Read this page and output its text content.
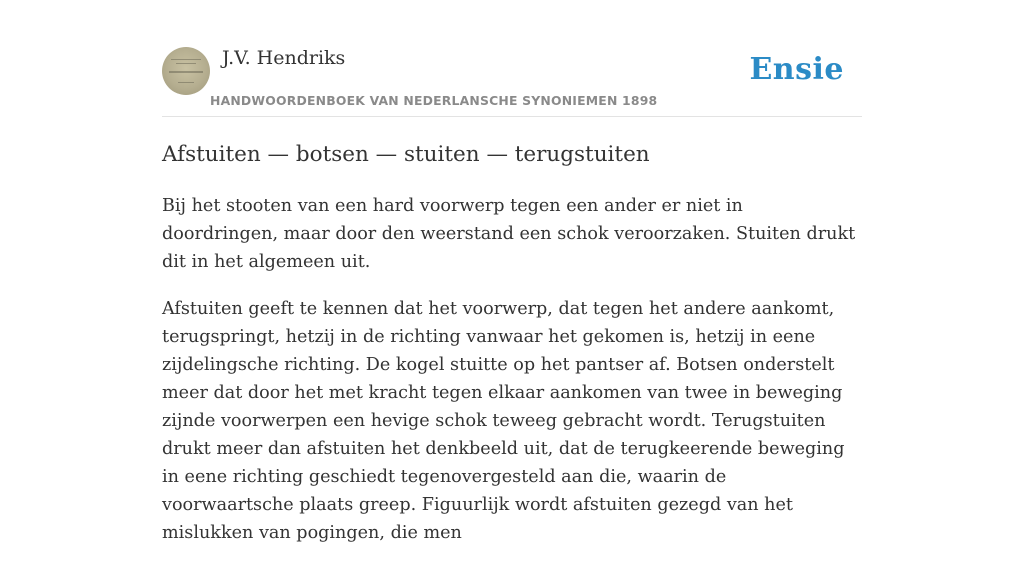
J.V. Hendriks
HANDWOORDENBOEK VAN NEDERLANSCHE SYNONIEMEN 1898
Ensie
Afstuiten — botsen — stuiten — terugstuiten

Bij het stooten van een hard voorwerp tegen een ander er niet in doordringen, maar door den weerstand een schok veroorzaken. Stuiten drukt dit in het algemeen uit.

Afstuiten geeft te kennen dat het voorwerp, dat tegen het andere aankomt, terugspringt, hetzij in de richting vanwaar het gekomen is, hetzij in eene zijdelingsche richting. De kogel stuitte op het pantser af. Botsen onderstelt meer dat door het met kracht tegen elkaar aankomen van twee in beweging zijnde voorwerpen een hevige schok teweeg gebracht wordt. Terugstuiten drukt meer dan afstuiten het denkbeeld uit, dat de terugkeerende beweging in eene richting geschiedt tegenovergesteld aan die, waarin de voorwaartsche plaats greep. Figuurlijk wordt afstuiten gezegd van het mislukken van pogingen, die men
